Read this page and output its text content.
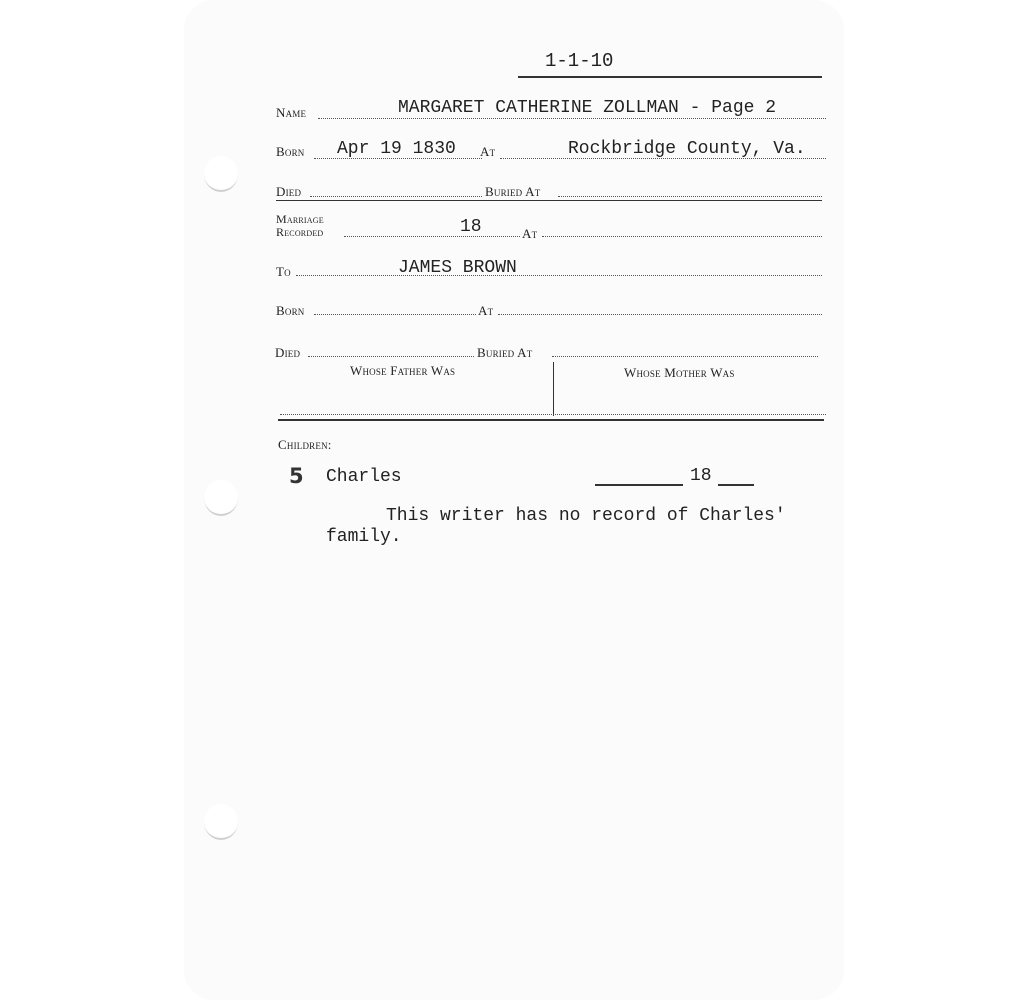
1-1-10
Name	MARGARET CATHERINE ZOLLMAN - Page 2
Born Apr 19 1830 At	Rockbridge County, Va.
Died	Buried At
Marriage
Recorded	18	At
To	JAMES BROWN
Born	At
Died	Buried At
Whose Father Was	Whose Mother Was
Children:
5 Charles	18
This writer has no record of Charles'
family.
